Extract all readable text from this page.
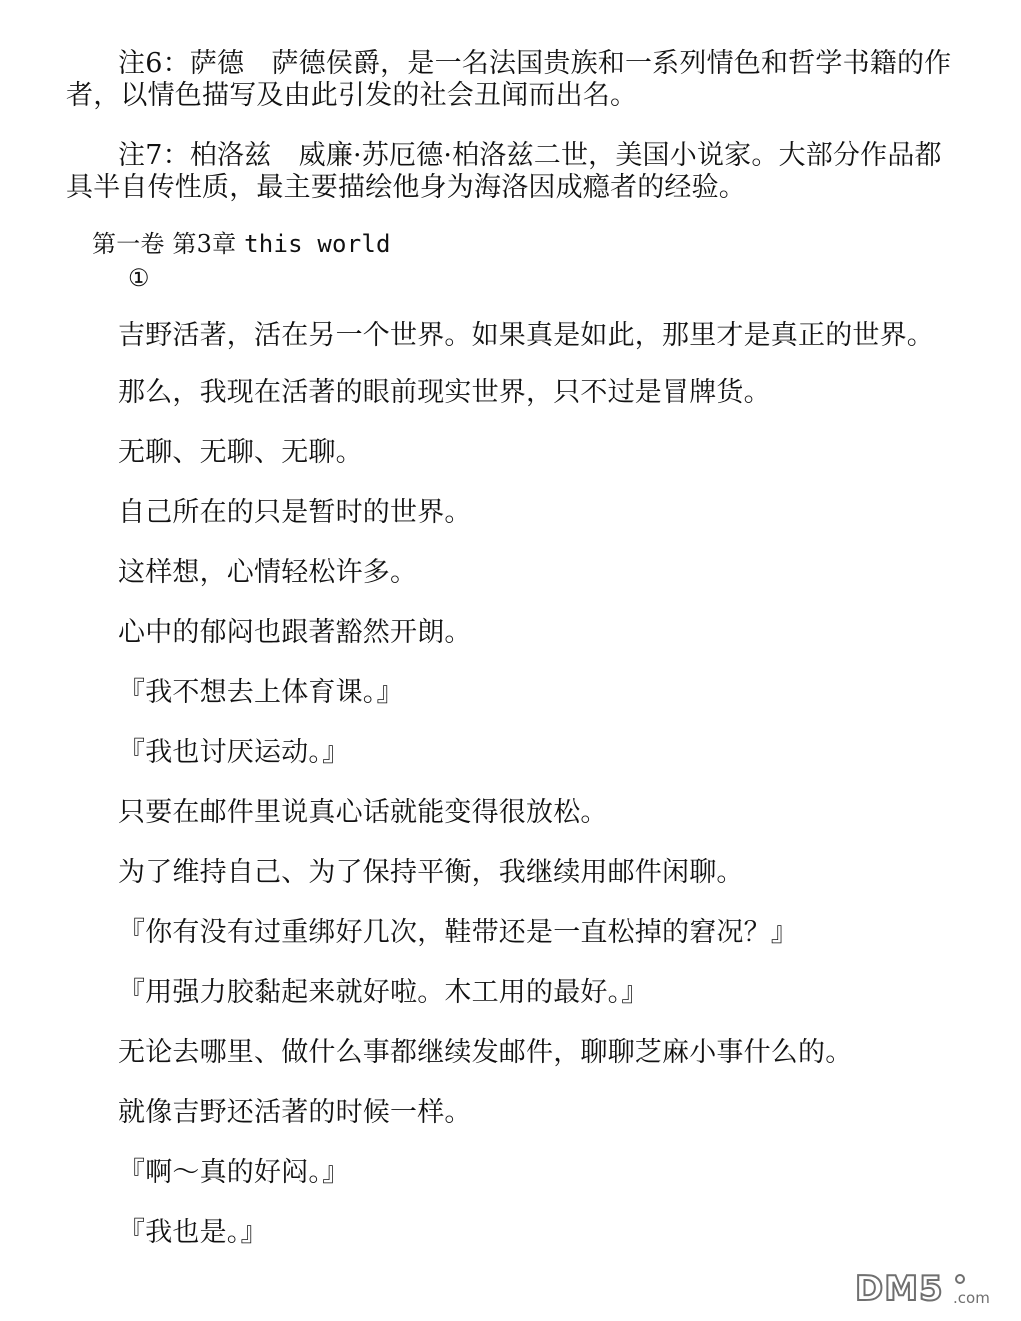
注6：萨德　萨德侯爵，是一名法国贵族和一系列情色和哲学书籍的作
者，以情色描写及由此引发的社会丑闻而出名。
注7：柏洛兹　威廉·苏厄德·柏洛兹二世，美国小说家。大部分作品都
具半自传性质，最主要描绘他身为海洛因成瘾者的经验。
第一卷 第3章 this world
①
吉野活著，活在另一个世界。如果真是如此，那里才是真正的世界。
那么，我现在活著的眼前现实世界，只不过是冒牌货。
无聊、无聊、无聊。
自己所在的只是暂时的世界。
这样想，心情轻松许多。
心中的郁闷也跟著豁然开朗。
『我不想去上体育课。』
『我也讨厌运动。』
只要在邮件里说真心话就能变得很放松。
为了维持自己、为了保持平衡，我继续用邮件闲聊。
『你有没有过重绑好几次，鞋带还是一直松掉的窘况？』
『用强力胶黏起来就好啦。木工用的最好。』
无论去哪里、做什么事都继续发邮件，聊聊芝麻小事什么的。
就像吉野还活著的时候一样。
『啊～真的好闷。』
『我也是。』
DM5 .com
